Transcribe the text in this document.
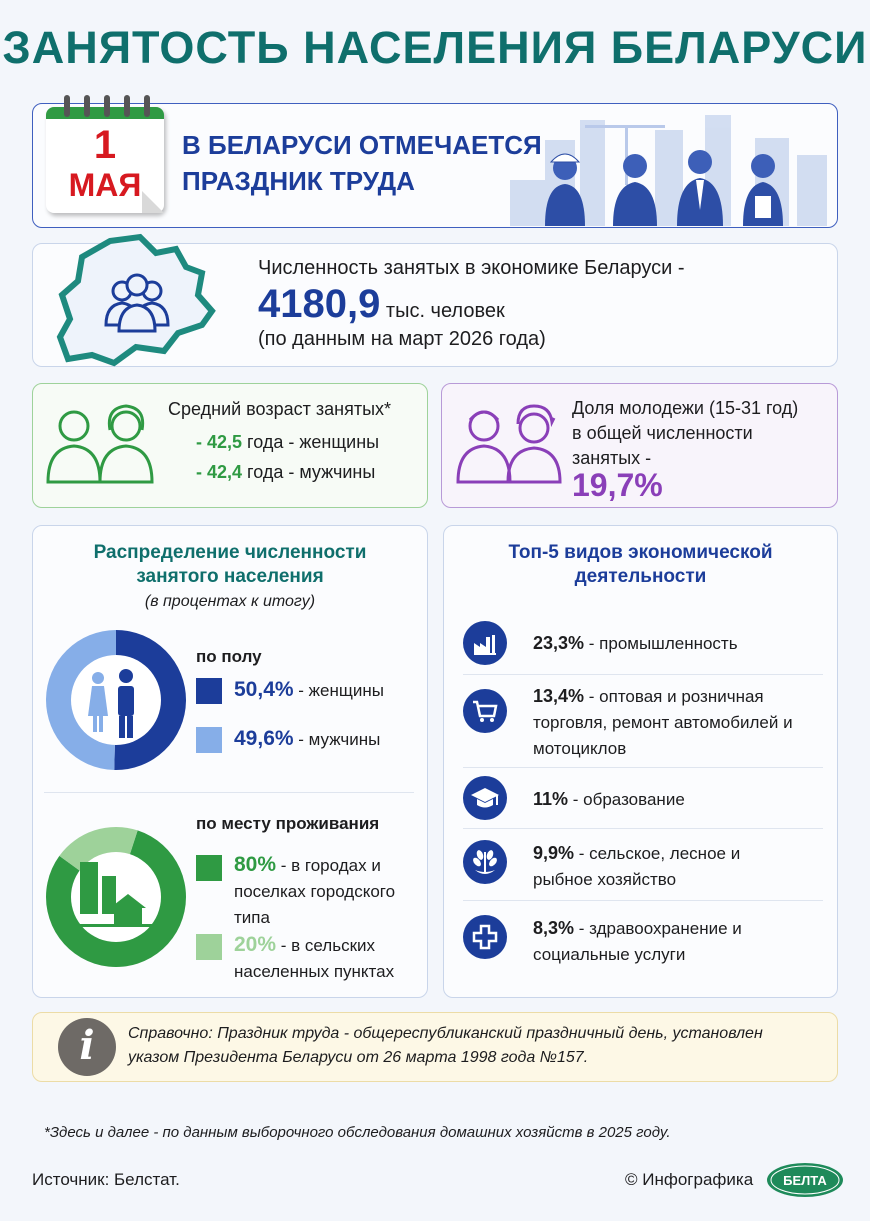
ЗАНЯТОСТЬ НАСЕЛЕНИЯ БЕЛАРУСИ
1
МАЯ
В БЕЛАРУСИ ОТМЕЧАЕТСЯ
ПРАЗДНИК ТРУДА
Численность занятых в экономике Беларуси -
4180,9 тыс. человек
(по данным на март 2026 года)
Средний возраст занятых*
- 42,5 года - женщины
- 42,4 года - мужчины
Доля молодежи (15-31 год)
в общей численности
занятых -
19,7%
Распределение численности
занятого населения
(в процентах к итогу)
по полу
50,4% - женщины
49,6% - мужчины
по месту проживания
80% - в городах и
поселках городского
типа
20% - в сельских
населенных пунктах
Топ-5 видов экономической
деятельности
23,3% - промышленность
13,4% - оптовая и розничная
торговля, ремонт автомобилей и
мотоциклов
11% - образование
9,9% - сельское, лесное и
рыбное хозяйство
8,3% - здравоохранение и
социальные услуги
i	Справочно: Праздник труда - общереспубликанский праздничный день, установлен
указом Президента Беларуси от 26 марта 1998 года №157.
*Здесь и далее - по данным выборочного обследования домашних хозяйств в 2025 году.
Источник: Белстат.	© Инфографика БЕЛТА
